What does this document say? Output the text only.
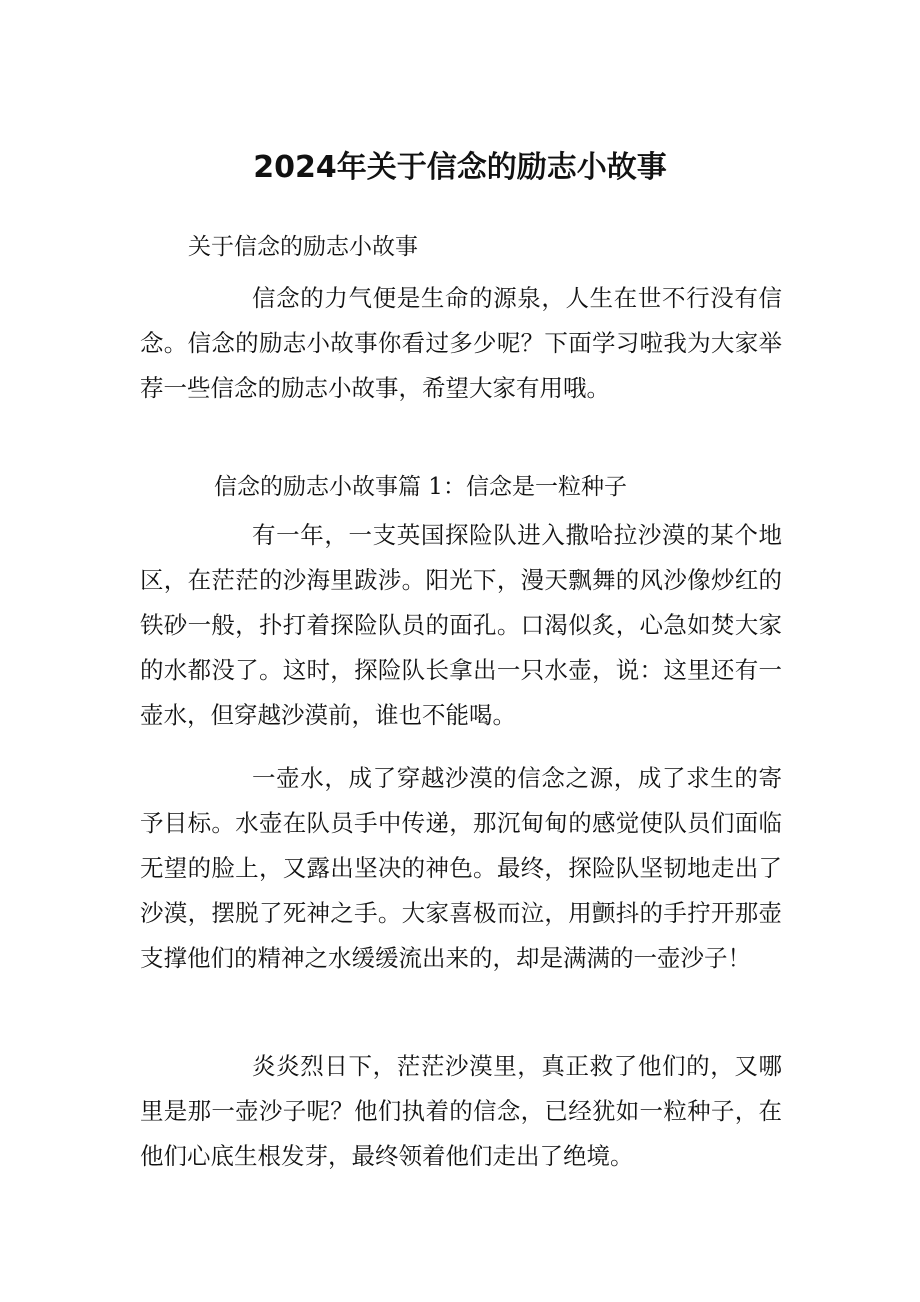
2024年关于信念的励志小故事
关于信念的励志小故事

信念的力气便是生命的源泉，人生在世不行没有信念。信念的励志小故事你看过多少呢？下面学习啦我为大家举荐一些信念的励志小故事，希望大家有用哦。

信念的励志小故事篇 1：信念是一粒种子

有一年，一支英国探险队进入撒哈拉沙漠的某个地区，在茫茫的沙海里跋涉。阳光下，漫天飘舞的风沙像炒红的铁砂一般，扑打着探险队员的面孔。口渴似炙，心急如焚大家的水都没了。这时，探险队长拿出一只水壶，说：这里还有一壶水，但穿越沙漠前，谁也不能喝。

一壶水，成了穿越沙漠的信念之源，成了求生的寄予目标。水壶在队员手中传递，那沉甸甸的感觉使队员们面临无望的脸上，又露出坚决的神色。最终，探险队坚韧地走出了沙漠，摆脱了死神之手。大家喜极而泣，用颤抖的手拧开那壶支撑他们的精神之水缓缓流出来的，却是满满的一壶沙子！

炎炎烈日下，茫茫沙漠里，真正救了他们的，又哪里是那一壶沙子呢？他们执着的信念，已经犹如一粒种子，在他们心底生根发芽，最终领着他们走出了绝境。
